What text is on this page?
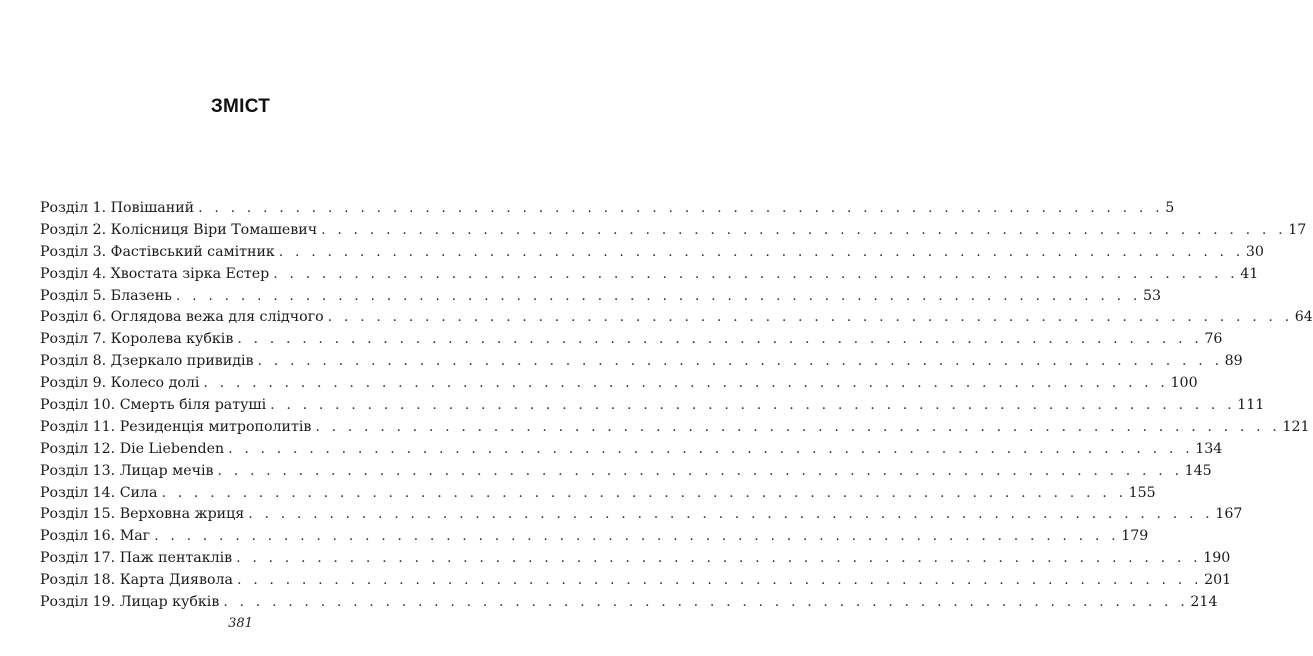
ЗМІСТ
Розділ 1. Повішаний . . . . . . . . . . . . . . . . . . . . . . . . . . . . . . . . . . . . . . . . . . . . . . . . . . . . . . . . . . . . 5
Розділ 2. Колісниця Віри Томашевич . . . . . . . . . . . . . . . . . . . . . . . . . . . . . . . . . . . . . . . . . . . . . . . . . . . . . . . . . . . . 17
Розділ 3. Фастівський самітник . . . . . . . . . . . . . . . . . . . . . . . . . . . . . . . . . . . . . . . . . . . . . . . . . . . . . . . . . . . . 30
Розділ 4. Хвостата зірка Естер . . . . . . . . . . . . . . . . . . . . . . . . . . . . . . . . . . . . . . . . . . . . . . . . . . . . . . . . . . . . 41
Розділ 5. Блазень . . . . . . . . . . . . . . . . . . . . . . . . . . . . . . . . . . . . . . . . . . . . . . . . . . . . . . . . . . . . 53
Розділ 6. Оглядова вежа для слідчого . . . . . . . . . . . . . . . . . . . . . . . . . . . . . . . . . . . . . . . . . . . . . . . . . . . . . . . . . . . . 64
Розділ 7. Королева кубків . . . . . . . . . . . . . . . . . . . . . . . . . . . . . . . . . . . . . . . . . . . . . . . . . . . . . . . . . . . . 76
Розділ 8. Дзеркало привидів . . . . . . . . . . . . . . . . . . . . . . . . . . . . . . . . . . . . . . . . . . . . . . . . . . . . . . . . . . . . 89
Розділ 9. Колесо долі . . . . . . . . . . . . . . . . . . . . . . . . . . . . . . . . . . . . . . . . . . . . . . . . . . . . . . . . . . . . 100
Розділ 10. Смерть біля ратуші . . . . . . . . . . . . . . . . . . . . . . . . . . . . . . . . . . . . . . . . . . . . . . . . . . . . . . . . . . . . 111
Розділ 11. Резиденція митрополитів . . . . . . . . . . . . . . . . . . . . . . . . . . . . . . . . . . . . . . . . . . . . . . . . . . . . . . . . . . . . 121
Розділ 12. Die Liebenden . . . . . . . . . . . . . . . . . . . . . . . . . . . . . . . . . . . . . . . . . . . . . . . . . . . . . . . . . . . . 134
Розділ 13. Лицар мечів . . . . . . . . . . . . . . . . . . . . . . . . . . . . . . . . . . . . . . . . . . . . . . . . . . . . . . . . . . . . 145
Розділ 14. Сила . . . . . . . . . . . . . . . . . . . . . . . . . . . . . . . . . . . . . . . . . . . . . . . . . . . . . . . . . . . . 155
Розділ 15. Верховна жриця . . . . . . . . . . . . . . . . . . . . . . . . . . . . . . . . . . . . . . . . . . . . . . . . . . . . . . . . . . . . 167
Розділ 16. Маг . . . . . . . . . . . . . . . . . . . . . . . . . . . . . . . . . . . . . . . . . . . . . . . . . . . . . . . . . . . . 179
Розділ 17. Паж пентаклів . . . . . . . . . . . . . . . . . . . . . . . . . . . . . . . . . . . . . . . . . . . . . . . . . . . . . . . . . . . . 190
Розділ 18. Карта Диявола . . . . . . . . . . . . . . . . . . . . . . . . . . . . . . . . . . . . . . . . . . . . . . . . . . . . . . . . . . . . 201
Розділ 19. Лицар кубків . . . . . . . . . . . . . . . . . . . . . . . . . . . . . . . . . . . . . . . . . . . . . . . . . . . . . . . . . . . . 214
381
